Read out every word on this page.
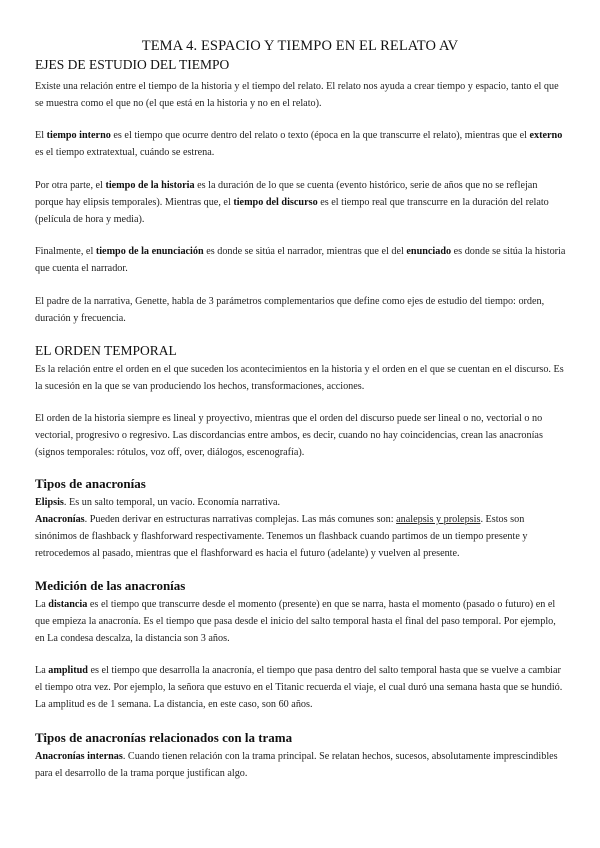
TEMA 4. ESPACIO Y TIEMPO EN EL RELATO AV
EJES DE ESTUDIO DEL TIEMPO
Existe una relación entre el tiempo de la historia y el tiempo del relato. El relato nos ayuda a crear tiempo y espacio, tanto el que se muestra como el que no (el que está en la historia y no en el relato).
El tiempo interno es el tiempo que ocurre dentro del relato o texto (época en la que transcurre el relato), mientras que el externo es el tiempo extratextual, cuándo se estrena.
Por otra parte, el tiempo de la historia es la duración de lo que se cuenta (evento histórico, serie de años que no se reflejan porque hay elipsis temporales). Mientras que, el tiempo del discurso es el tiempo real que transcurre en la duración del relato (película de hora y media).
Finalmente, el tiempo de la enunciación es donde se sitúa el narrador, mientras que el del enunciado es donde se sitúa la historia que cuenta el narrador.
El padre de la narrativa, Genette, habla de 3 parámetros complementarios que define como ejes de estudio del tiempo: orden, duración y frecuencia.
EL ORDEN TEMPORAL
Es la relación entre el orden en el que suceden los acontecimientos en la historia y el orden en el que se cuentan en el discurso. Es la sucesión en la que se van produciendo los hechos, transformaciones, acciones.
El orden de la historia siempre es lineal y proyectivo, mientras que el orden del discurso puede ser lineal o no, vectorial o no vectorial, progresivo o regresivo. Las discordancias entre ambos, es decir, cuando no hay coincidencias, crean las anacronías (signos temporales: rótulos, voz off, over, diálogos, escenografía).
Tipos de anacronías
Elipsis. Es un salto temporal, un vacío. Economía narrativa.
Anacronías. Pueden derivar en estructuras narrativas complejas. Las más comunes son: analepsis y prolepsis. Estos son sinónimos de flashback y flashforward respectivamente. Tenemos un flashback cuando partimos de un tiempo presente y retrocedemos al pasado, mientras que el flashforward es hacia el futuro (adelante) y vuelven al presente.
Medición de las anacronías
La distancia es el tiempo que transcurre desde el momento (presente) en que se narra, hasta el momento (pasado o futuro) en el que empieza la anacronía. Es el tiempo que pasa desde el inicio del salto temporal hasta el final del paso temporal. Por ejemplo, en La condesa descalza, la distancia son 3 años.
La amplitud es el tiempo que desarrolla la anacronía, el tiempo que pasa dentro del salto temporal hasta que se vuelve a cambiar el tiempo otra vez. Por ejemplo, la señora que estuvo en el Titanic recuerda el viaje, el cual duró una semana hasta que se hundió. La amplitud es de 1 semana. La distancia, en este caso, son 60 años.
Tipos de anacronías relacionados con la trama
Anacronías internas. Cuando tienen relación con la trama principal. Se relatan hechos, sucesos, absolutamente imprescindibles para el desarrollo de la trama porque justifican algo.
